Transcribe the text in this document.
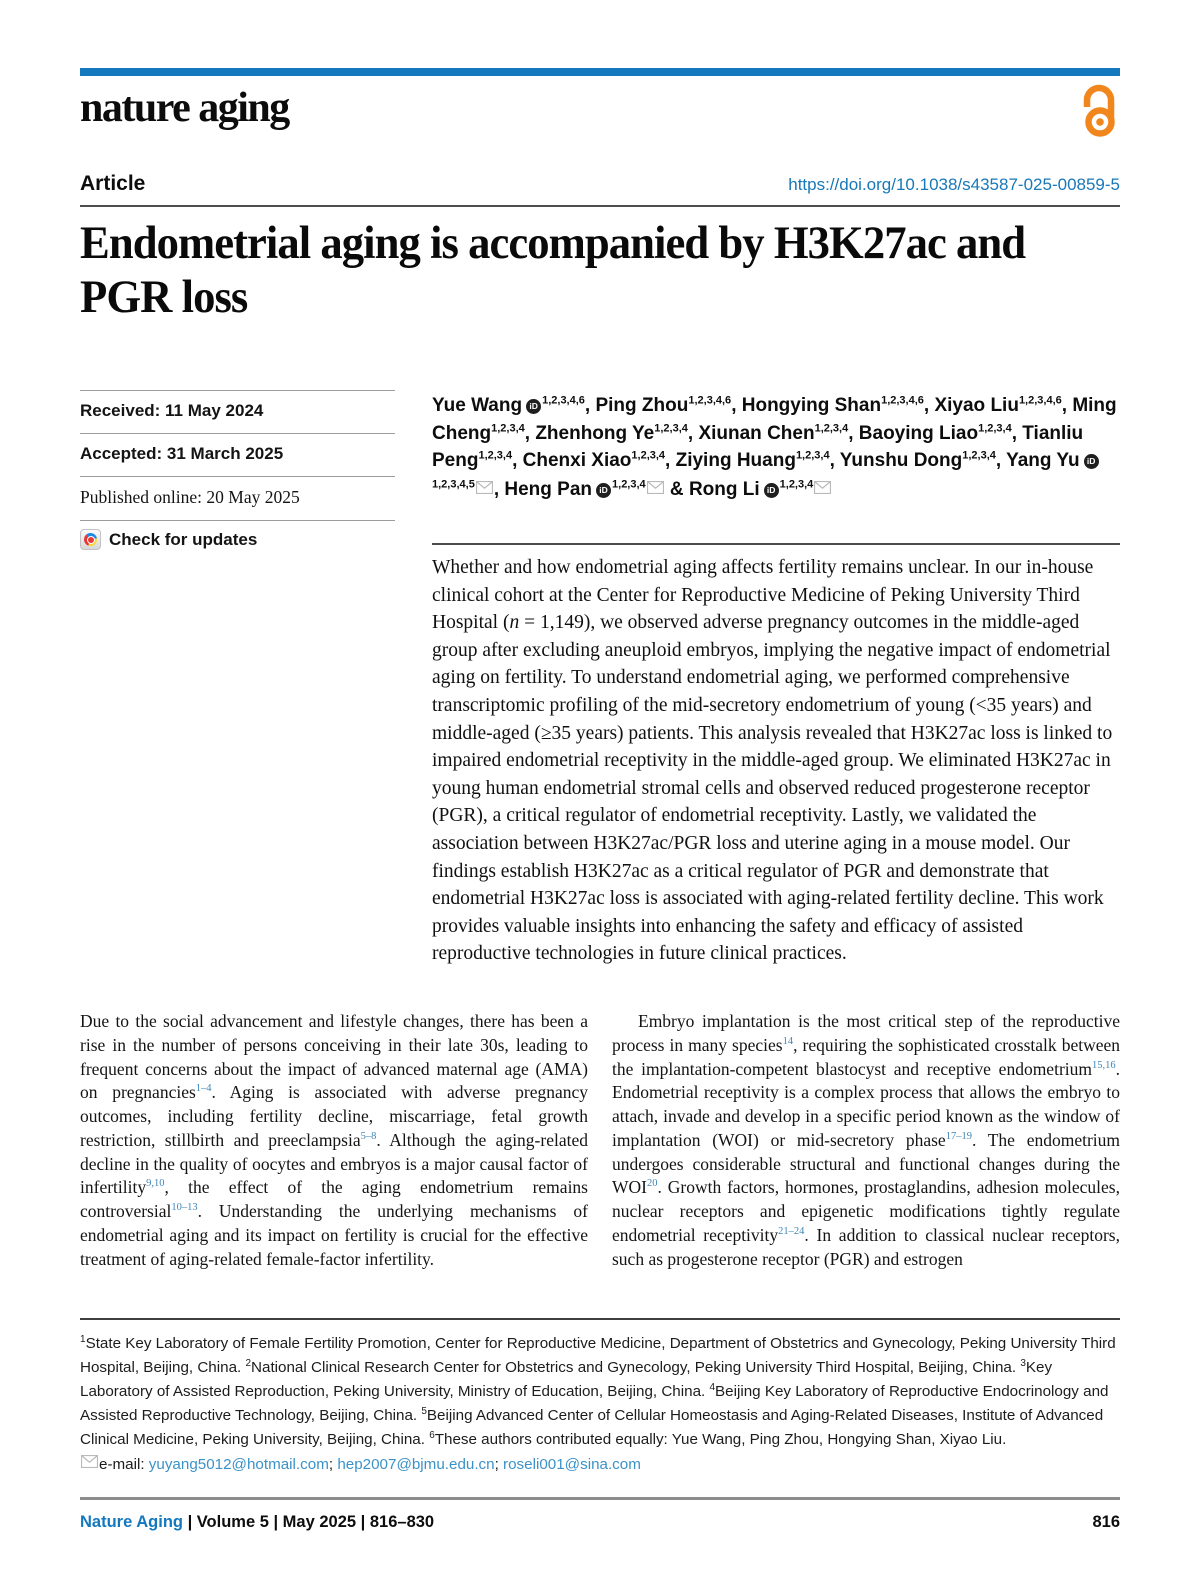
nature aging
Article	https://doi.org/10.1038/s43587-025-00859-5
Endometrial aging is accompanied by H3K27ac and PGR loss
Received: 11 May 2024
Accepted: 31 March 2025
Published online: 20 May 2025
Check for updates

Yue Wang iD $^{1,2,3,4,6}$, Ping Zhou$^{1,2,3,4,6}$, Hongying Shan$^{1,2,3,4,6}$, Xiyao Liu$^{1,2,3,4,6}$, Ming Cheng$^{1,2,3,4}$, Zhenhong Ye$^{1,2,3,4}$, Xiunan Chen$^{1,2,3,4}$, Baoying Liao$^{1,2,3,4}$, Tianliu Peng$^{1,2,3,4}$, Chenxi Xiao$^{1,2,3,4}$, Ziying Huang$^{1,2,3,4}$, Yunshu Dong$^{1,2,3,4}$, Yang Yu iD$^{1,2,3,4,5}$ , Heng Pan iD $^{1,2,3,4}$ & Rong Li iD $^{1,2,3,4}$

Whether and how endometrial aging affects fertility remains unclear. In our in-house clinical cohort at the Center for Reproductive Medicine of Peking University Third Hospital (n = 1,149), we observed adverse pregnancy outcomes in the middle-aged group after excluding aneuploid embryos, implying the negative impact of endometrial aging on fertility. To understand endometrial aging, we performed comprehensive transcriptomic profiling of the mid-secretory endometrium of young (<35 years) and middle-aged (≥35 years) patients. This analysis revealed that H3K27ac loss is linked to impaired endometrial receptivity in the middle-aged group. We eliminated H3K27ac in young human endometrial stromal cells and observed reduced progesterone receptor (PGR), a critical regulator of endometrial receptivity. Lastly, we validated the association between H3K27ac/PGR loss and uterine aging in a mouse model. Our findings establish H3K27ac as a critical regulator of PGR and demonstrate that endometrial H3K27ac loss is associated with aging-related fertility decline. This work provides valuable insights into enhancing the safety and efficacy of assisted reproductive technologies in future clinical practices.
Due to the social advancement and lifestyle changes, there has been a rise in the number of persons conceiving in their late 30s, leading to frequent concerns about the impact of advanced maternal age (AMA) on pregnancies$^{1-4}$. Aging is associated with adverse pregnancy outcomes, including fertility decline, miscarriage, fetal growth restriction, stillbirth and preeclampsia$^{5-8}$. Although the aging-related decline in the quality of oocytes and embryos is a major causal factor of infertility$^{9,10}$, the effect of the aging endometrium remains controversial$^{10-13}$. Understanding the underlying mechanisms of endometrial aging and its impact on fertility is crucial for the effective treatment of aging-related female-factor infertility.
Embryo implantation is the most critical step of the reproductive process in many species$^{14}$, requiring the sophisticated crosstalk between the implantation-competent blastocyst and receptive endometrium$^{15,16}$. Endometrial receptivity is a complex process that allows the embryo to attach, invade and develop in a specific period known as the window of implantation (WOI) or mid-secretory phase$^{17-19}$. The endometrium undergoes considerable structural and functional changes during the WOI$^{20}$. Growth factors, hormones, prostaglandins, adhesion molecules, nuclear receptors and epigenetic modifications tightly regulate endometrial receptivity$^{21-24}$. In addition to classical nuclear receptors, such as progesterone receptor (PGR) and estrogen
$^1$State Key Laboratory of Female Fertility Promotion, Center for Reproductive Medicine, Department of Obstetrics and Gynecology, Peking University Third Hospital, Beijing, China. $^2$National Clinical Research Center for Obstetrics and Gynecology, Peking University Third Hospital, Beijing, China. $^3$Key Laboratory of Assisted Reproduction, Peking University, Ministry of Education, Beijing, China. $^4$Beijing Key Laboratory of Reproductive Endocrinology and Assisted Reproductive Technology, Beijing, China. $^5$Beijing Advanced Center of Cellular Homeostasis and Aging-Related Diseases, Institute of Advanced Clinical Medicine, Peking University, Beijing, China. $^6$These authors contributed equally: Yue Wang, Ping Zhou, Hongying Shan, Xiyao Liu.
e-mail: yuyang5012@hotmail.com; hep2007@bjmu.edu.cn; roseli001@sina.com
Nature Aging | Volume 5 | May 2025 | 816–830	816
